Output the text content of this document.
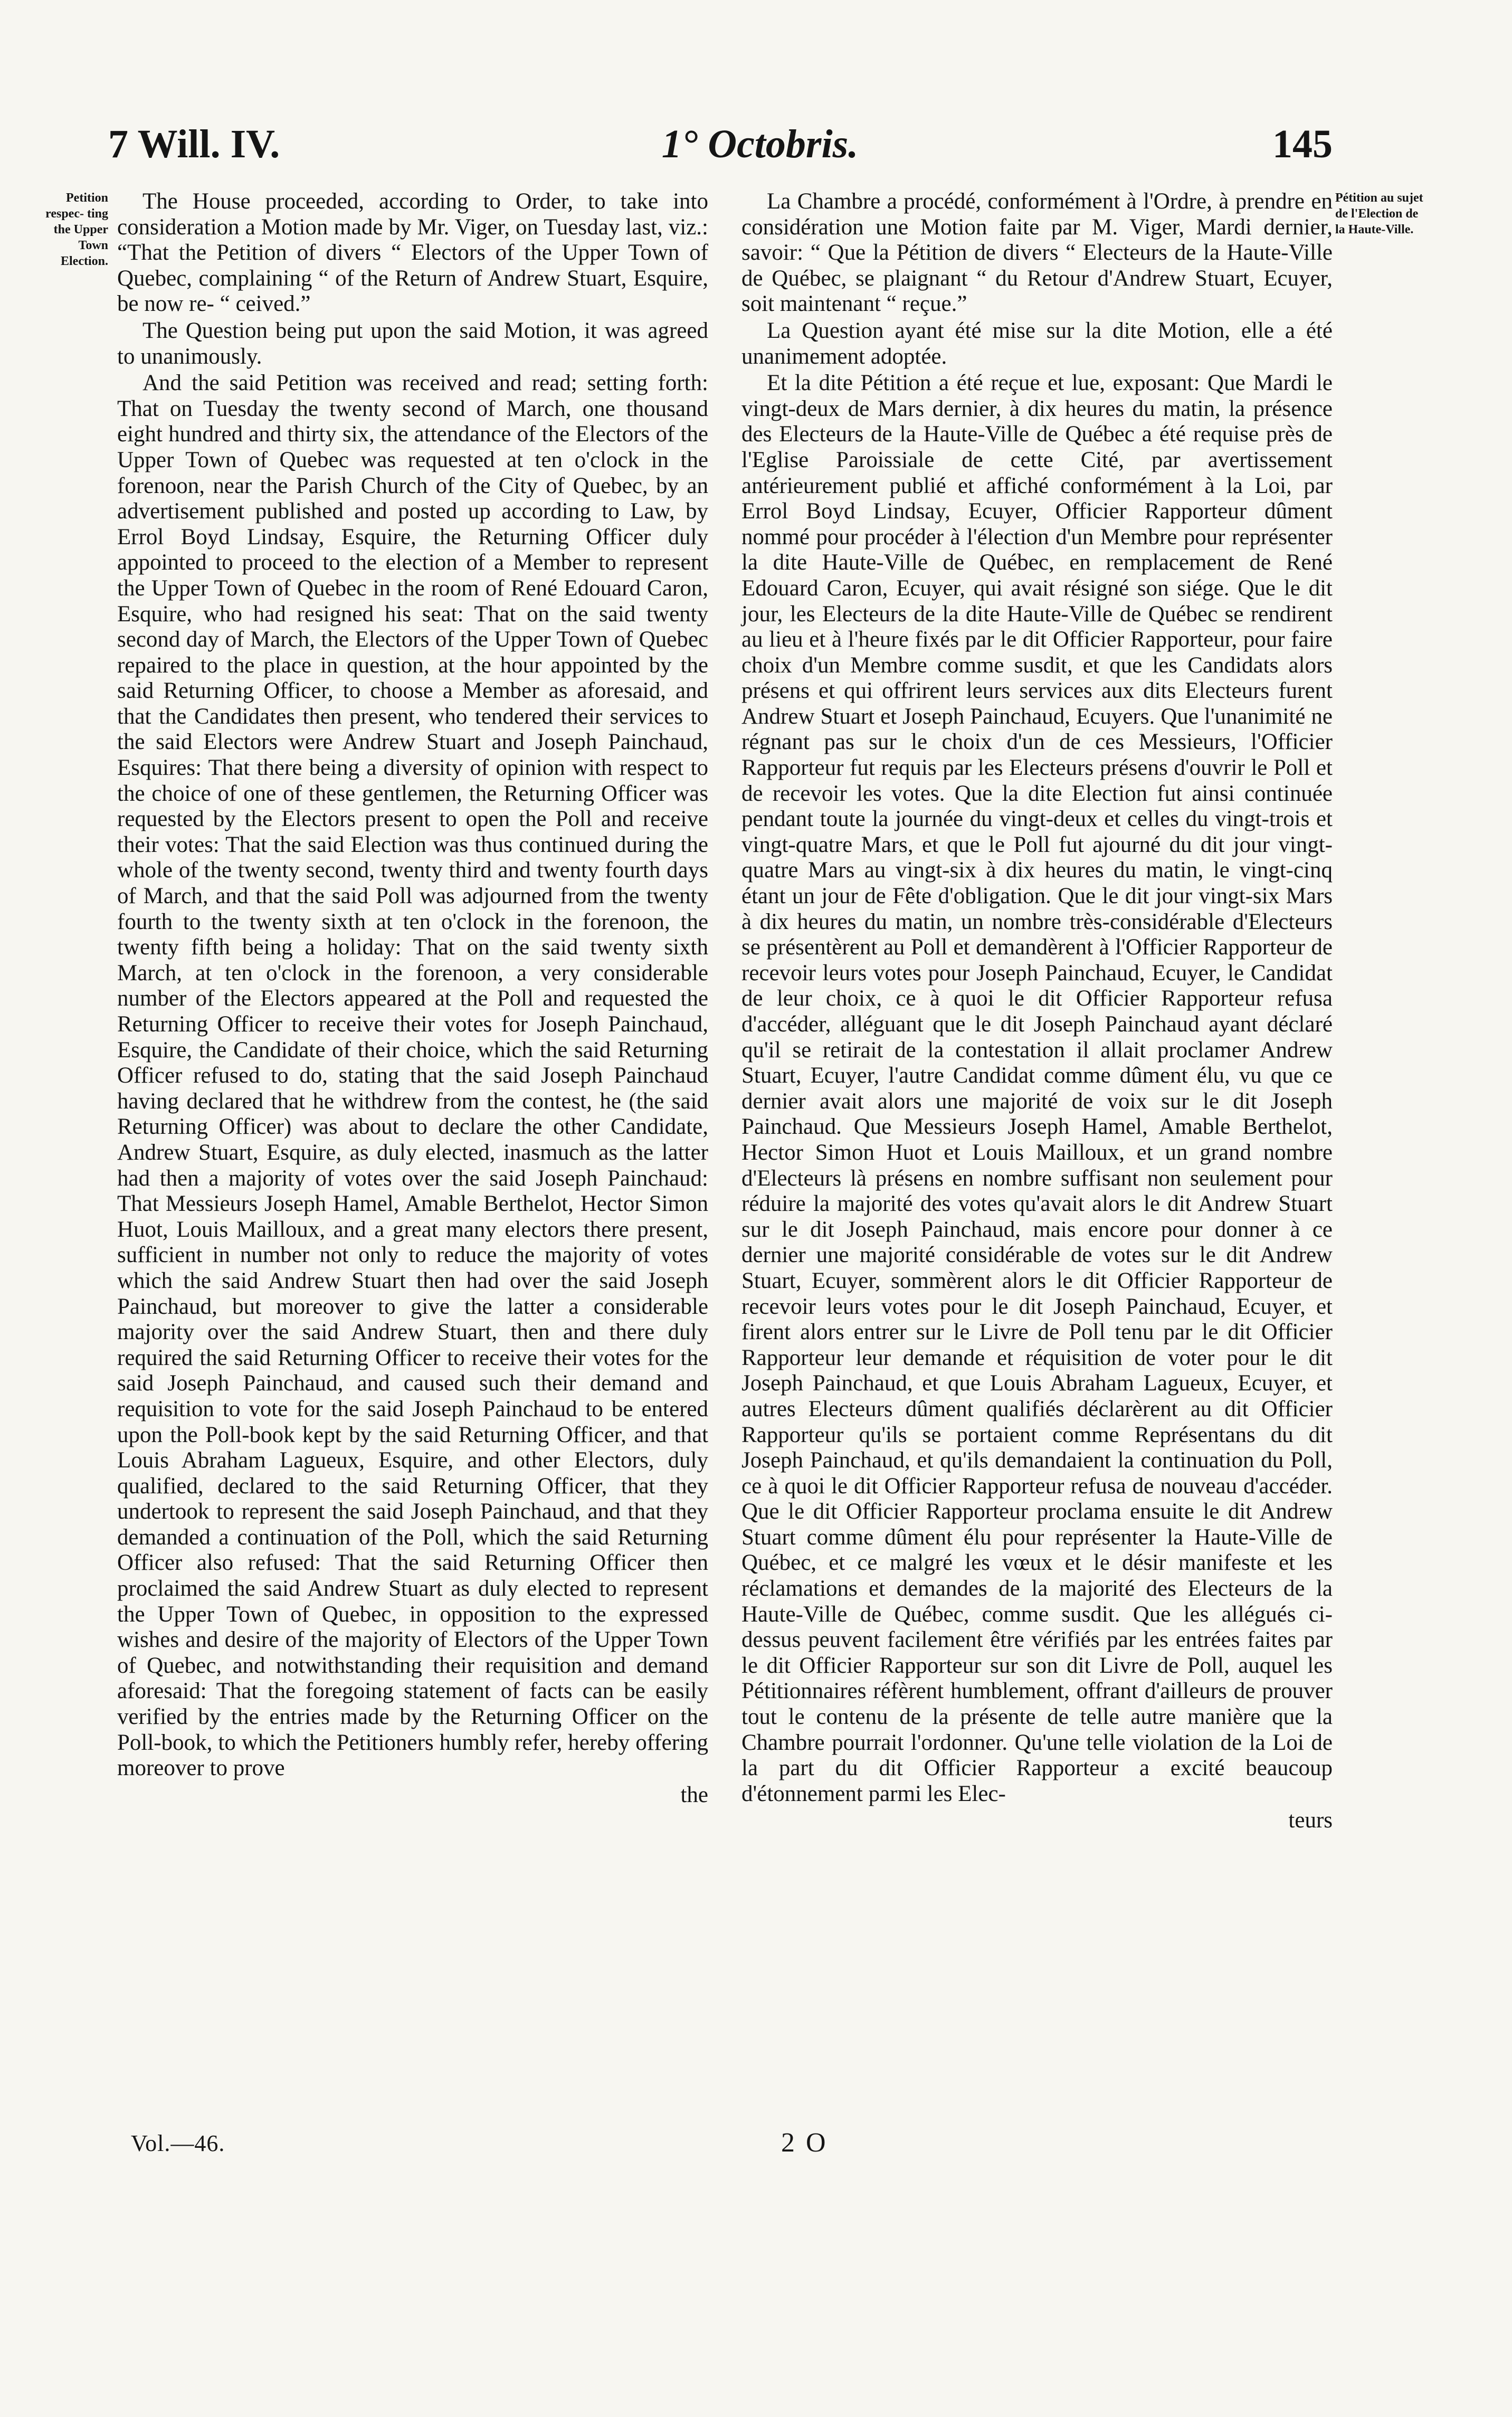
7 Will. IV.	1° Octobris.	145
Petition respec- ting the Upper Town Election.
Pétition au sujet de l'Election de la Haute-Ville.

The House proceeded, according to Order, to take into consideration a Motion made by Mr. Viger, on Tuesday last, viz.: “That the Petition of divers “ Electors of the Upper Town of Quebec, complaining “ of the Return of Andrew Stuart, Esquire, be now re- “ ceived.”

The Question being put upon the said Motion, it was agreed to unanimously.

And the said Petition was received and read; setting forth: That on Tuesday the twenty second of March, one thousand eight hundred and thirty six, the attendance of the Electors of the Upper Town of Quebec was requested at ten o'clock in the forenoon, near the Parish Church of the City of Quebec, by an advertisement published and posted up according to Law, by Errol Boyd Lindsay, Esquire, the Returning Officer duly appointed to proceed to the election of a Member to represent the Upper Town of Quebec in the room of René Edouard Caron, Esquire, who had resigned his seat: That on the said twenty second day of March, the Electors of the Upper Town of Quebec repaired to the place in question, at the hour appointed by the said Returning Officer, to choose a Member as aforesaid, and that the Candidates then present, who tendered their services to the said Electors were Andrew Stuart and Joseph Painchaud, Esquires: That there being a diversity of opinion with respect to the choice of one of these gentlemen, the Returning Officer was requested by the Electors present to open the Poll and receive their votes: That the said Election was thus continued during the whole of the twenty second, twenty third and twenty fourth days of March, and that the said Poll was adjourned from the twenty fourth to the twenty sixth at ten o'clock in the forenoon, the twenty fifth being a holiday: That on the said twenty sixth March, at ten o'clock in the forenoon, a very considerable number of the Electors appeared at the Poll and requested the Returning Officer to receive their votes for Joseph Painchaud, Esquire, the Candidate of their choice, which the said Returning Officer refused to do, stating that the said Joseph Painchaud having declared that he withdrew from the contest, he (the said Returning Officer) was about to declare the other Candidate, Andrew Stuart, Esquire, as duly elected, inasmuch as the latter had then a majority of votes over the said Joseph Painchaud: That Messieurs Joseph Hamel, Amable Berthelot, Hector Simon Huot, Louis Mailloux, and a great many electors there present, sufficient in number not only to reduce the majority of votes which the said Andrew Stuart then had over the said Joseph Painchaud, but moreover to give the latter a considerable majority over the said Andrew Stuart, then and there duly required the said Returning Officer to receive their votes for the said Joseph Painchaud, and caused such their demand and requisition to vote for the said Joseph Painchaud to be entered upon the Poll-book kept by the said Returning Officer, and that Louis Abraham Lagueux, Esquire, and other Electors, duly qualified, declared to the said Returning Officer, that they undertook to represent the said Joseph Painchaud, and that they demanded a continuation of the Poll, which the said Returning Officer also refused: That the said Returning Officer then proclaimed the said Andrew Stuart as duly elected to represent the Upper Town of Quebec, in opposition to the expressed wishes and desire of the majority of Electors of the Upper Town of Quebec, and notwithstanding their requisition and demand aforesaid: That the foregoing statement of facts can be easily verified by the entries made by the Returning Officer on the Poll-book, to which the Petitioners humbly refer, hereby offering moreover to prove

the

La Chambre a procédé, conformément à l'Ordre, à prendre en considération une Motion faite par M. Viger, Mardi dernier, savoir: “ Que la Pétition de divers “ Electeurs de la Haute-Ville de Québec, se plaignant “ du Retour d'Andrew Stuart, Ecuyer, soit maintenant “ reçue.”

La Question ayant été mise sur la dite Motion, elle a été unanimement adoptée.

Et la dite Pétition a été reçue et lue, exposant: Que Mardi le vingt-deux de Mars dernier, à dix heures du matin, la présence des Electeurs de la Haute-Ville de Québec a été requise près de l'Eglise Paroissiale de cette Cité, par avertissement antérieurement publié et affiché conformément à la Loi, par Errol Boyd Lindsay, Ecuyer, Officier Rapporteur dûment nommé pour procéder à l'élection d'un Membre pour représenter la dite Haute-Ville de Québec, en remplacement de René Edouard Caron, Ecuyer, qui avait résigné son siége. Que le dit jour, les Electeurs de la dite Haute-Ville de Québec se rendirent au lieu et à l'heure fixés par le dit Officier Rapporteur, pour faire choix d'un Membre comme susdit, et que les Candidats alors présens et qui offrirent leurs services aux dits Electeurs furent Andrew Stuart et Joseph Painchaud, Ecuyers. Que l'unanimité ne régnant pas sur le choix d'un de ces Messieurs, l'Officier Rapporteur fut requis par les Electeurs présens d'ouvrir le Poll et de recevoir les votes. Que la dite Election fut ainsi continuée pendant toute la journée du vingt-deux et celles du vingt-trois et vingt-quatre Mars, et que le Poll fut ajourné du dit jour vingt-quatre Mars au vingt-six à dix heures du matin, le vingt-cinq étant un jour de Fête d'obligation. Que le dit jour vingt-six Mars à dix heures du matin, un nombre très-considérable d'Electeurs se présentèrent au Poll et demandèrent à l'Officier Rapporteur de recevoir leurs votes pour Joseph Painchaud, Ecuyer, le Candidat de leur choix, ce à quoi le dit Officier Rapporteur refusa d'accéder, alléguant que le dit Joseph Painchaud ayant déclaré qu'il se retirait de la contestation il allait proclamer Andrew Stuart, Ecuyer, l'autre Candidat comme dûment élu, vu que ce dernier avait alors une majorité de voix sur le dit Joseph Painchaud. Que Messieurs Joseph Hamel, Amable Berthelot, Hector Simon Huot et Louis Mailloux, et un grand nombre d'Electeurs là présens en nombre suffisant non seulement pour réduire la majorité des votes qu'avait alors le dit Andrew Stuart sur le dit Joseph Painchaud, mais encore pour donner à ce dernier une majorité considérable de votes sur le dit Andrew Stuart, Ecuyer, sommèrent alors le dit Officier Rapporteur de recevoir leurs votes pour le dit Joseph Painchaud, Ecuyer, et firent alors entrer sur le Livre de Poll tenu par le dit Officier Rapporteur leur demande et réquisition de voter pour le dit Joseph Painchaud, et que Louis Abraham Lagueux, Ecuyer, et autres Electeurs dûment qualifiés déclarèrent au dit Officier Rapporteur qu'ils se portaient comme Représentans du dit Joseph Painchaud, et qu'ils demandaient la continuation du Poll, ce à quoi le dit Officier Rapporteur refusa de nouveau d'accéder. Que le dit Officier Rapporteur proclama ensuite le dit Andrew Stuart comme dûment élu pour représenter la Haute-Ville de Québec, et ce malgré les vœux et le désir manifeste et les réclamations et demandes de la majorité des Electeurs de la Haute-Ville de Québec, comme susdit. Que les allégués ci-dessus peuvent facilement être vérifiés par les entrées faites par le dit Officier Rapporteur sur son dit Livre de Poll, auquel les Pétitionnaires réfèrent humblement, offrant d'ailleurs de prouver tout le contenu de la présente de telle autre manière que la Chambre pourrait l'ordonner. Qu'une telle violation de la Loi de la part du dit Officier Rapporteur a excité beaucoup d'étonnement parmi les Elec-

teurs

Vol.—46.	2 O
